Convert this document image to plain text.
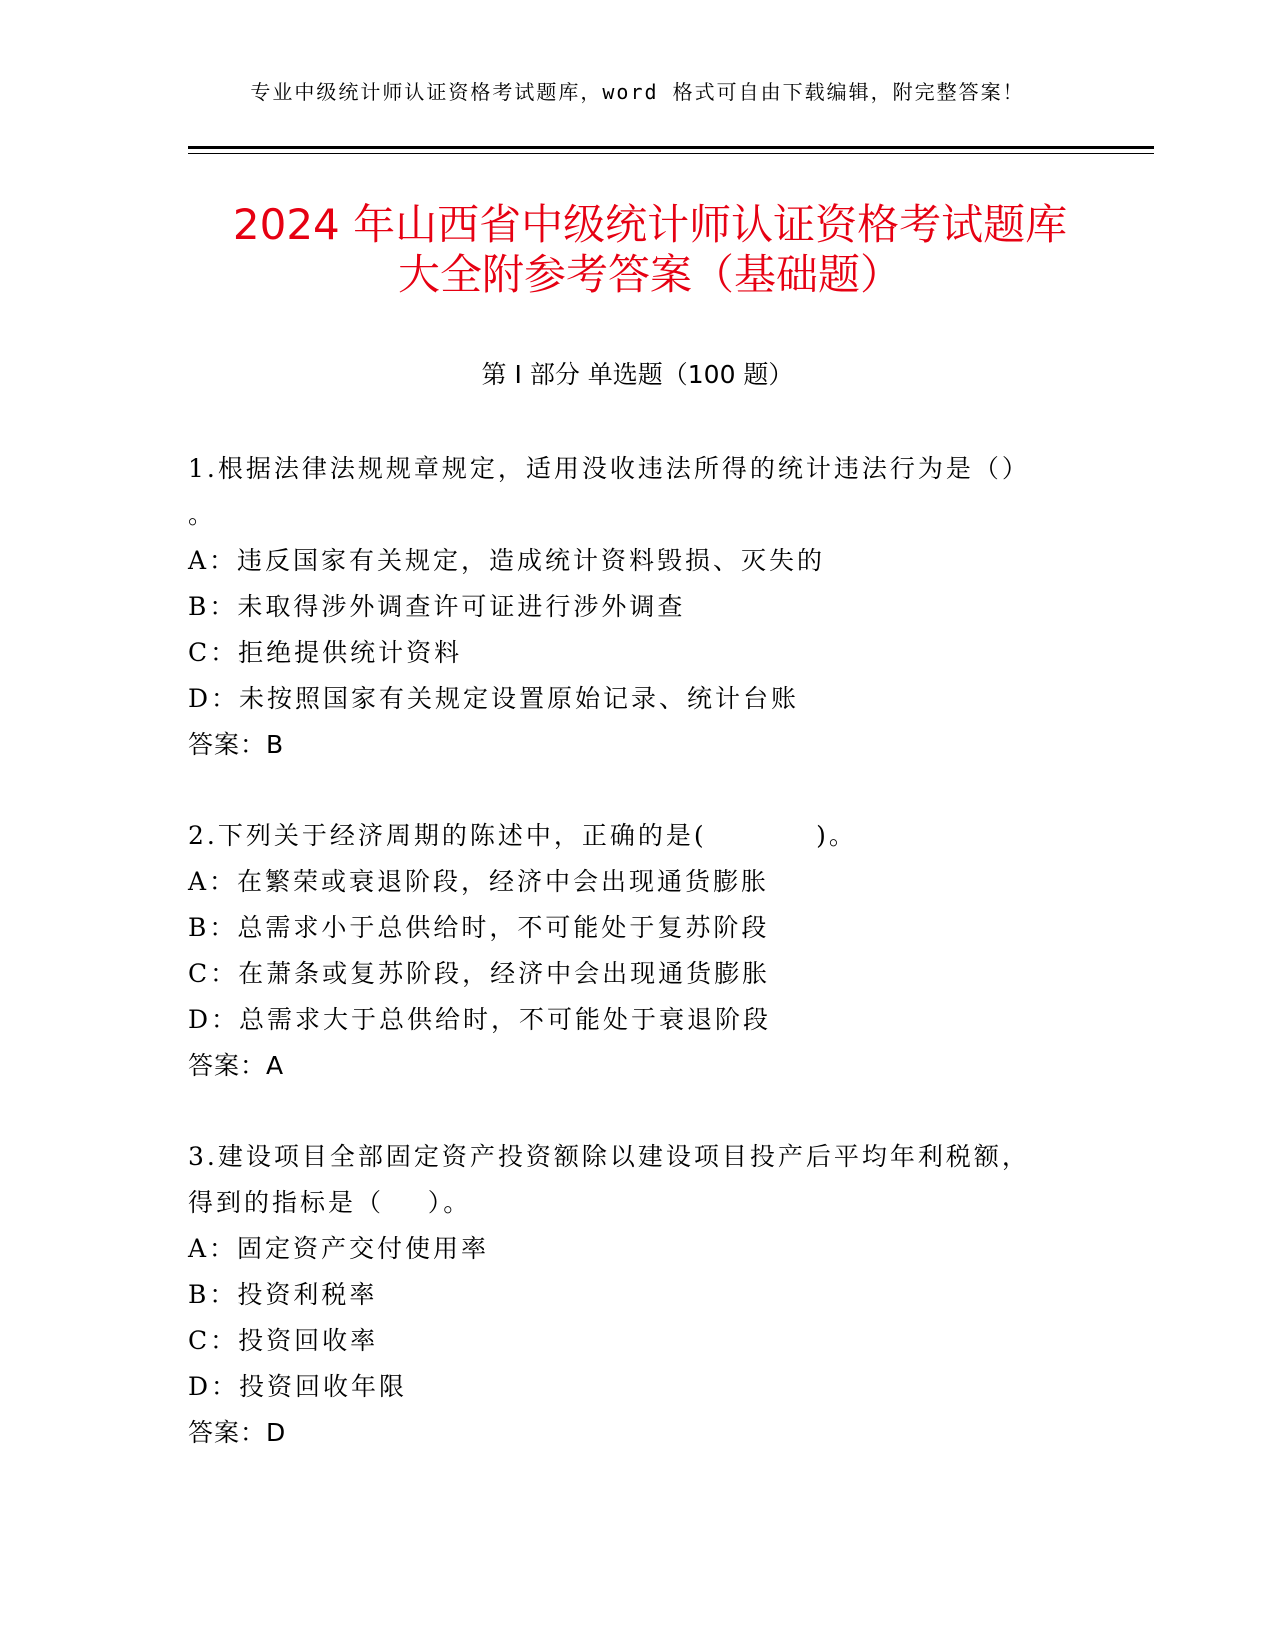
专业中级统计师认证资格考试题库，word 格式可自由下载编辑，附完整答案！
2024 年山西省中级统计师认证资格考试题库
大全附参考答案（基础题）
第 I 部分 单选题（100 题）

1.根据法律法规规章规定，适用没收违法所得的统计违法行为是（）
。

A：违反国家有关规定，造成统计资料毁损、灭失的

B：未取得涉外调查许可证进行涉外调查

C：拒绝提供统计资料

D：未按照国家有关规定设置原始记录、统计台账

答案：B

2.下列关于经济周期的陈述中，正确的是(          )。

A：在繁荣或衰退阶段，经济中会出现通货膨胀

B：总需求小于总供给时，不可能处于复苏阶段

C：在萧条或复苏阶段，经济中会出现通货膨胀

D：总需求大于总供给时，不可能处于衰退阶段

答案：A

3.建设项目全部固定资产投资额除以建设项目投产后平均年利税额，
得到的指标是（    ）。

A：固定资产交付使用率

B：投资利税率

C：投资回收率

D：投资回收年限

答案：D
